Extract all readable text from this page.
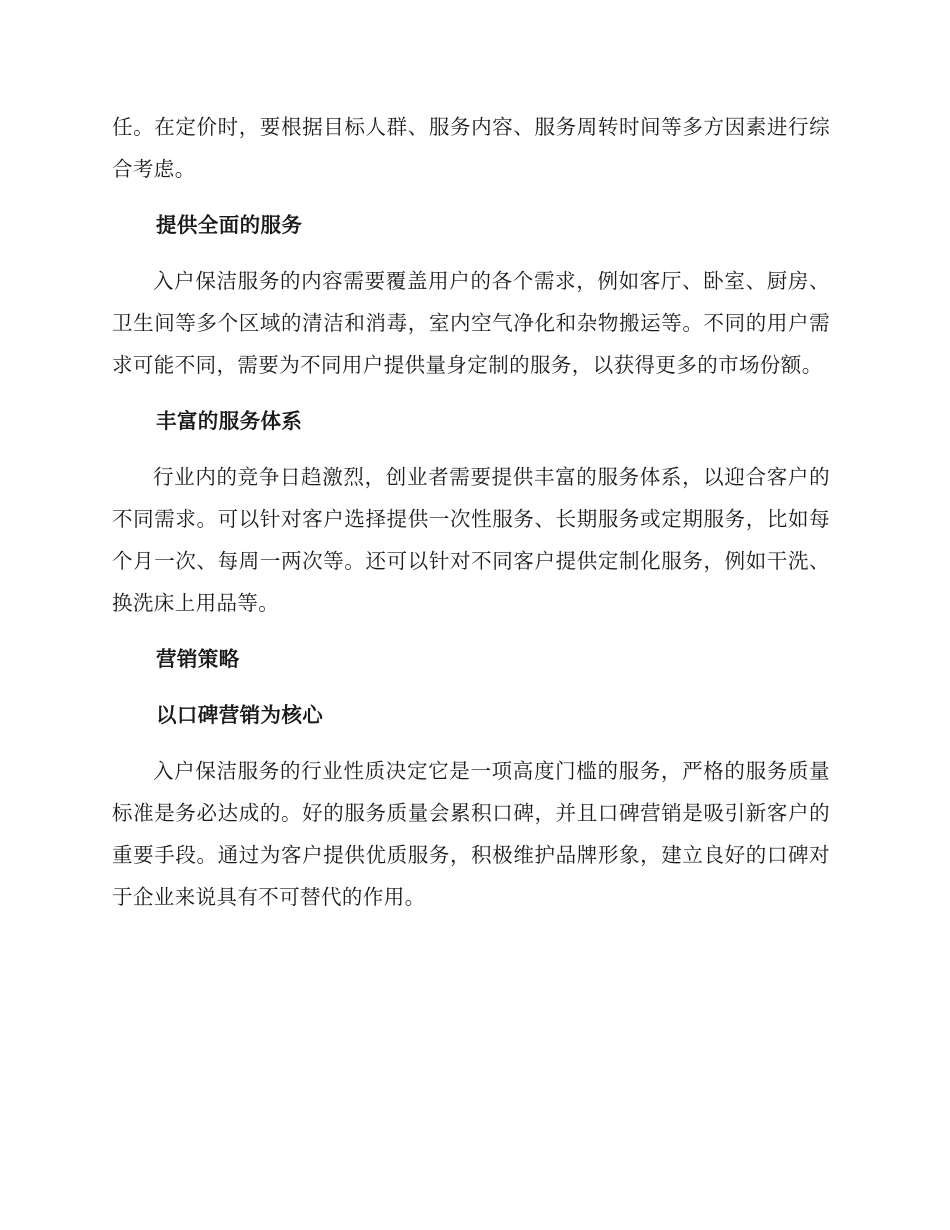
任。在定价时，要根据目标人群、服务内容、服务周转时间等多方因素进行综合考虑。

提供全面的服务

入户保洁服务的内容需要覆盖用户的各个需求，例如客厅、卧室、厨房、卫生间等多个区域的清洁和消毒，室内空气净化和杂物搬运等。不同的用户需求可能不同，需要为不同用户提供量身定制的服务，以获得更多的市场份额。

丰富的服务体系

行业内的竞争日趋激烈，创业者需要提供丰富的服务体系，以迎合客户的不同需求。可以针对客户选择提供一次性服务、长期服务或定期服务，比如每个月一次、每周一两次等。还可以针对不同客户提供定制化服务，例如干洗、换洗床上用品等。

营销策略
以口碑营销为核心

入户保洁服务的行业性质决定它是一项高度门槛的服务，严格的服务质量标准是务必达成的。好的服务质量会累积口碑，并且口碑营销是吸引新客户的重要手段。通过为客户提供优质服务，积极维护品牌形象，建立良好的口碑对于企业来说具有不可替代的作用。
